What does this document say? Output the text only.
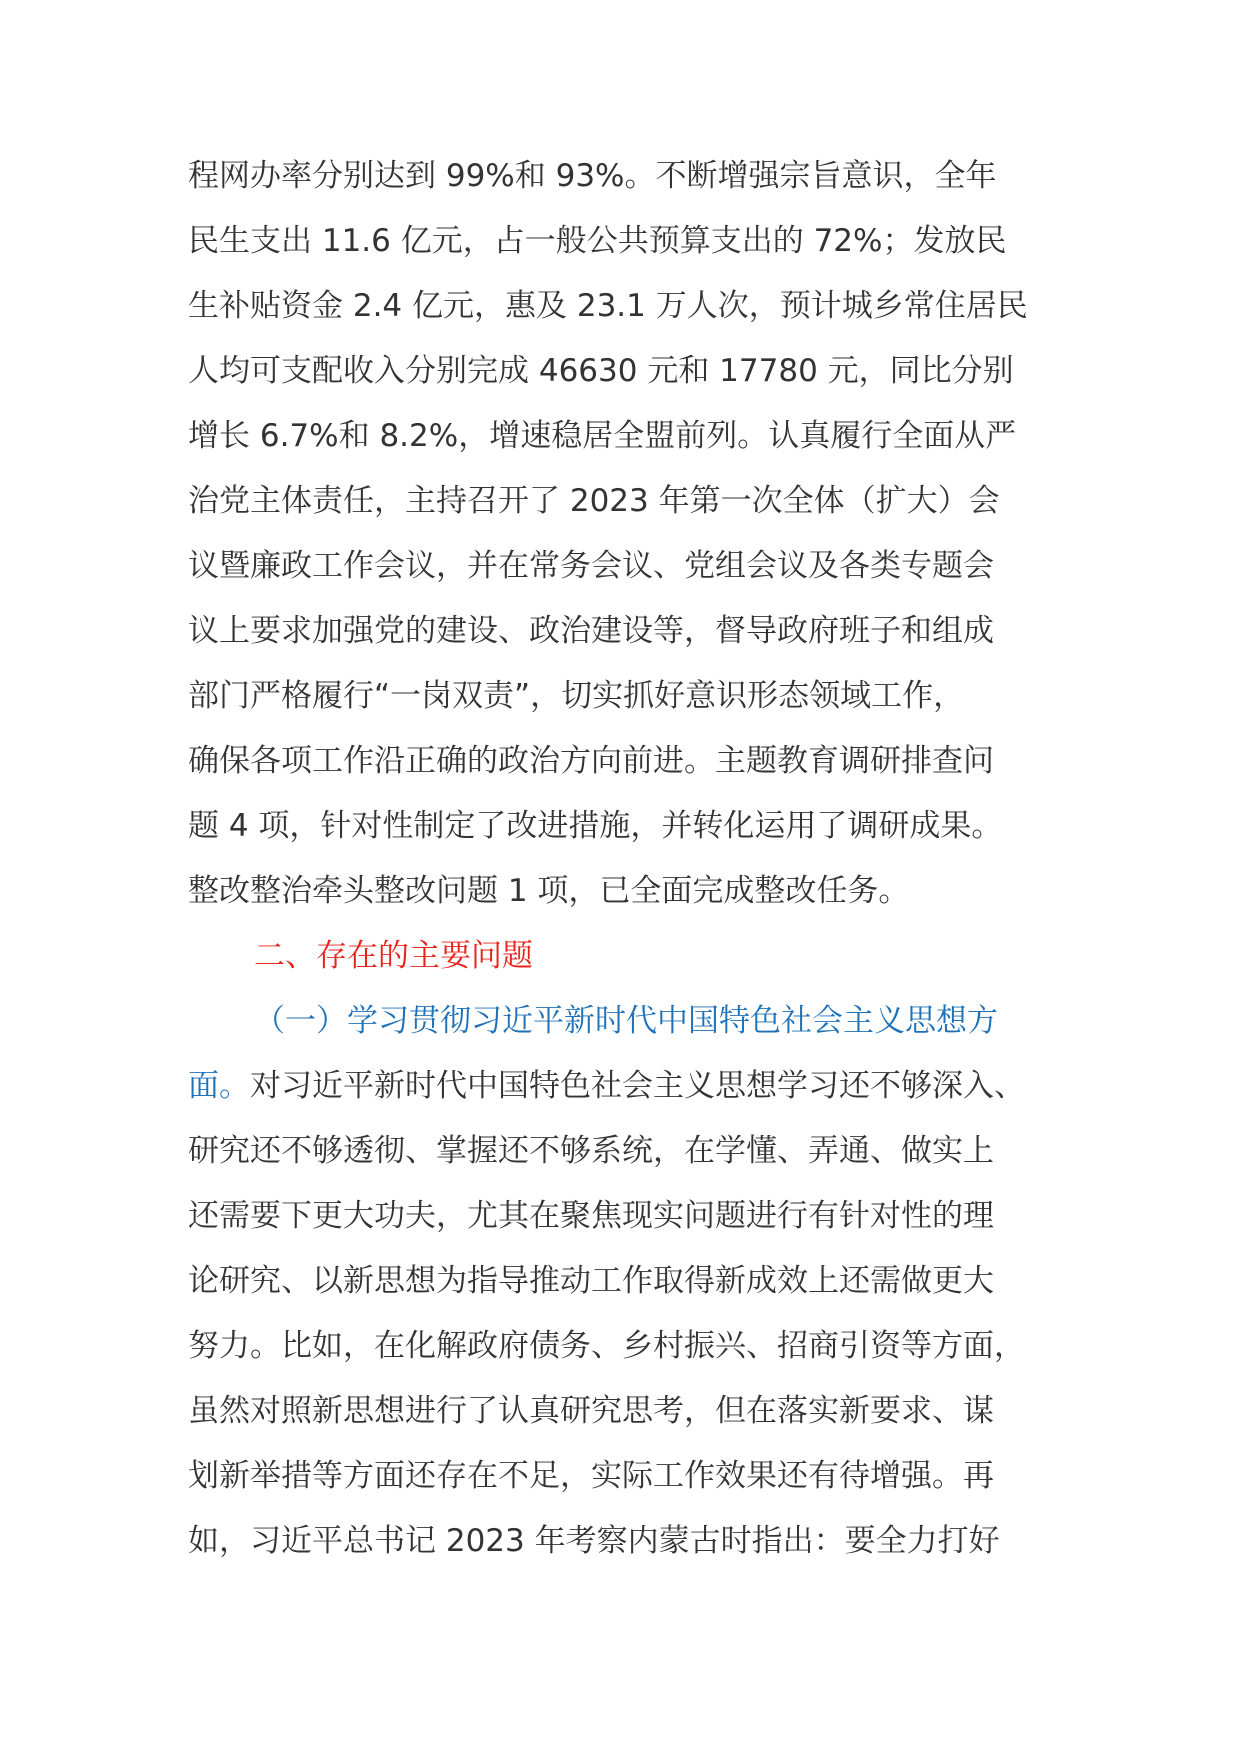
程网办率分别达到 99%和 93%。不断增强宗旨意识，全年
民生支出 11.6 亿元，占一般公共预算支出的 72%；发放民
生补贴资金 2.4 亿元，惠及 23.1 万人次，预计城乡常住居民
人均可支配收入分别完成 46630 元和 17780 元，同比分别
增长 6.7%和 8.2%，增速稳居全盟前列。认真履行全面从严
治党主体责任，主持召开了 2023 年第一次全体（扩大）会
议暨廉政工作会议，并在常务会议、党组会议及各类专题会
议上要求加强党的建设、政治建设等，督导政府班子和组成
部门严格履行“一岗双责”，切实抓好意识形态领域工作，
确保各项工作沿正确的政治方向前进。主题教育调研排查问
题 4 项，针对性制定了改进措施，并转化运用了调研成果。
整改整治牵头整改问题 1 项，已全面完成整改任务。
二、存在的主要问题
（一）学习贯彻习近平新时代中国特色社会主义思想方
面。对习近平新时代中国特色社会主义思想学习还不够深入、
研究还不够透彻、掌握还不够系统，在学懂、弄通、做实上
还需要下更大功夫，尤其在聚焦现实问题进行有针对性的理
论研究、以新思想为指导推动工作取得新成效上还需做更大
努力。比如，在化解政府债务、乡村振兴、招商引资等方面，
虽然对照新思想进行了认真研究思考，但在落实新要求、谋
划新举措等方面还存在不足，实际工作效果还有待增强。再
如，习近平总书记 2023 年考察内蒙古时指出：要全力打好
